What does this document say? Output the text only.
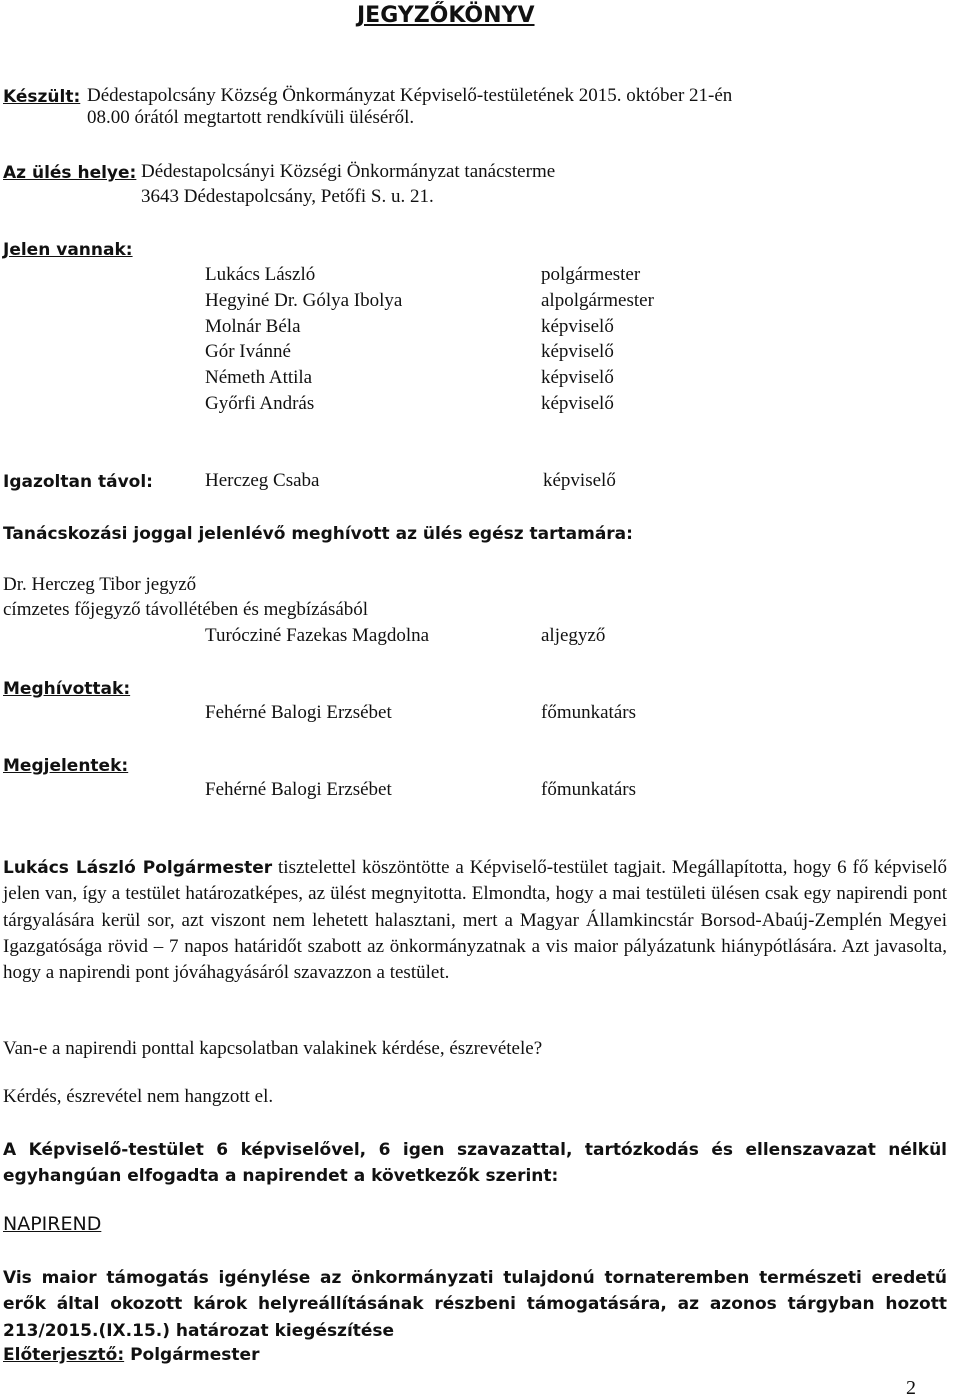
JEGYZŐKÖNYV
Készült: Dédestapolcsány Község Önkormányzat Képviselő-testületének 2015. október 21-én
08.00 órától megtartott rendkívüli üléséről.
Az ülés helye: Dédestapolcsányi Községi Önkormányzat tanácsterme
3643 Dédestapolcsány, Petőfi S. u. 21.
Jelen vannak:
Lukács László	polgármester
Hegyiné Dr. Gólya Ibolya	alpolgármester
Molnár Béla	képviselő
Gór Ivánné	képviselő
Németh Attila	képviselő
Győrfi András	képviselő
Igazoltan távol:	Herczeg Csaba	képviselő
Tanácskozási joggal jelenlévő meghívott az ülés egész tartamára:
Dr. Herczeg Tibor jegyző
címzetes főjegyző távollétében és megbízásából
Turócziné Fazekas Magdolna	aljegyző
Meghívottak:
Fehérné Balogi Erzsébet	főmunkatárs
Megjelentek:
Fehérné Balogi Erzsébet	főmunkatárs
Lukács László Polgármester tisztelettel köszöntötte a Képviselő-testület tagjait. Megállapította, hogy 6 fő képviselő jelen van, így a testület határozatképes, az ülést megnyitotta. Elmondta, hogy a mai testületi ülésen csak egy napirendi pont tárgyalására kerül sor, azt viszont nem lehetett halasztani, mert a Magyar Államkincstár Borsod-Abaúj-Zemplén Megyei Igazgatósága rövid – 7 napos határidőt szabott az önkormányzatnak a vis maior pályázatunk hiánypótlására. Azt javasolta, hogy a napirendi pont jóváhagyásáról szavazzon a testület.
Van-e a napirendi ponttal kapcsolatban valakinek kérdése, észrevétele?
Kérdés, észrevétel nem hangzott el.
A Képviselő-testület 6 képviselővel, 6 igen szavazattal, tartózkodás és ellenszavazat nélkül egyhangúan elfogadta a napirendet a következők szerint:
NAPIREND
Vis maior támogatás igénylése az önkormányzati tulajdonú tornateremben természeti eredetű erők által okozott károk helyreállításának részbeni támogatására, az azonos tárgyban hozott 213/2015.(IX.15.) határozat kiegészítése
Előterjesztő: Polgármester
2
